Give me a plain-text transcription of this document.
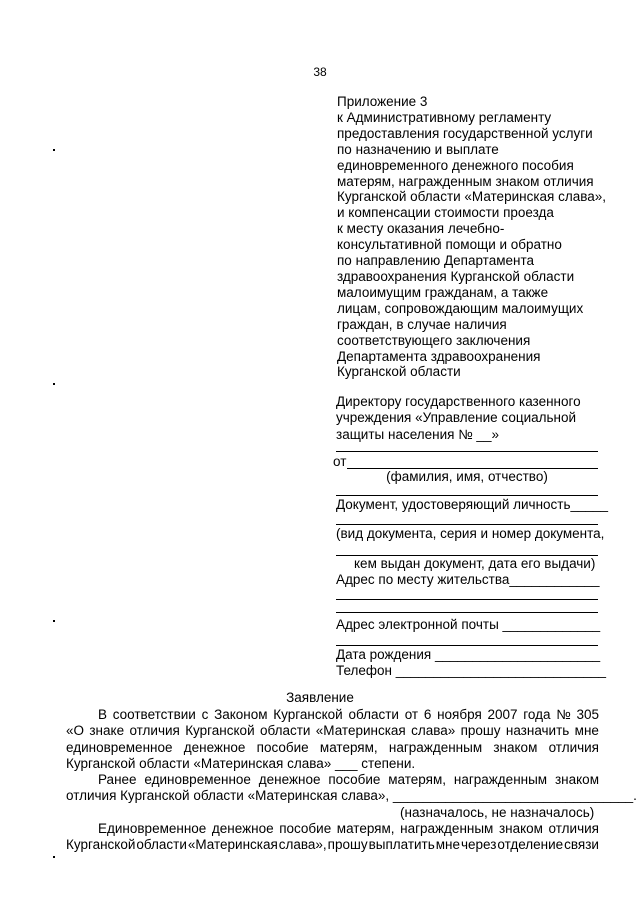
38
Приложение 3
к Административному регламенту
предоставления государственной услуги
по назначению и выплате
единовременного денежного пособия
матерям, награжденным знаком отличия
Курганской области «Материнская слава»,
и компенсации стоимости проезда
к месту оказания лечебно-
консультативной помощи и обратно
по направлению Департамента
здравоохранения Курганской области
малоимущим гражданам, а также
лицам, сопровождающим малоимущих
граждан, в случае наличия
соответствующего заключения
Департамента здравоохранения
Курганской области
Директору государственного казенного
учреждения «Управление социальной
защиты населения № __»
от
(фамилия, имя, отчество)
Документ, удостоверяющий личность_____
(вид документа, серия и номер документа,
кем выдан документ, дата его выдачи)
Адрес по месту жительства____________
Адрес электронной почты _____________
Дата рождения ______________________
Телефон ____________________________
Заявление
В соответствии с Законом Курганской области от 6 ноября 2007 года № 305
«О знаке отличия Курганской области «Материнская слава» прошу назначить мне
единовременное денежное пособие матерям, награжденным знаком отличия
Курганской области «Материнская слава» ___ степени.
Ранее единовременное денежное пособие матерям, награжденным знаком
отличия Курганской области «Материнская слава», ________________________________.
(назначалось, не назначалось)
Единовременное денежное пособие матерям, награжденным знаком отличия
Курганской области «Материнская слава», прошу выплатить мне через отделение связи
